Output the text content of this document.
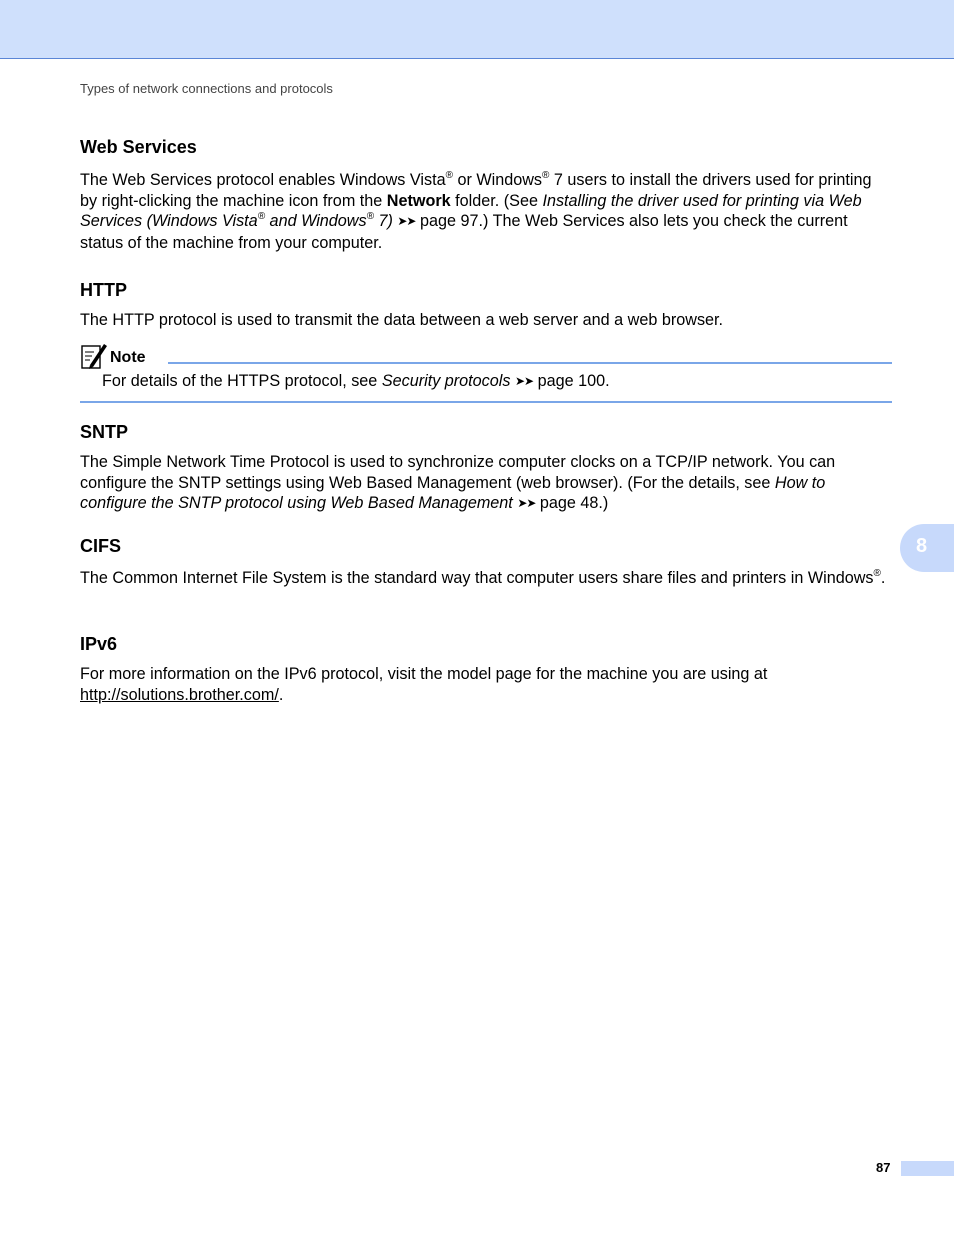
Types of network connections and protocols
Web Services

The Web Services protocol enables Windows Vista® or Windows® 7 users to install the drivers used for printing by right-clicking the machine icon from the Network folder. (See Installing the driver used for printing via Web Services (Windows Vista® and Windows® 7) ➤➤ page 97.) The Web Services also lets you check the current status of the machine from your computer.

HTTP

The HTTP protocol is used to transmit the data between a web server and a web browser.

Note
For details of the HTTPS protocol, see Security protocols ➤➤ page 100.
SNTP

The Simple Network Time Protocol is used to synchronize computer clocks on a TCP/IP network. You can configure the SNTP settings using Web Based Management (web browser). (For the details, see How to configure the SNTP protocol using Web Based Management ➤➤ page 48.)

CIFS

The Common Internet File System is the standard way that computer users share files and printers in Windows®.

IPv6

For more information on the IPv6 protocol, visit the model page for the machine you are using at http://solutions.brother.com/.

8
87
